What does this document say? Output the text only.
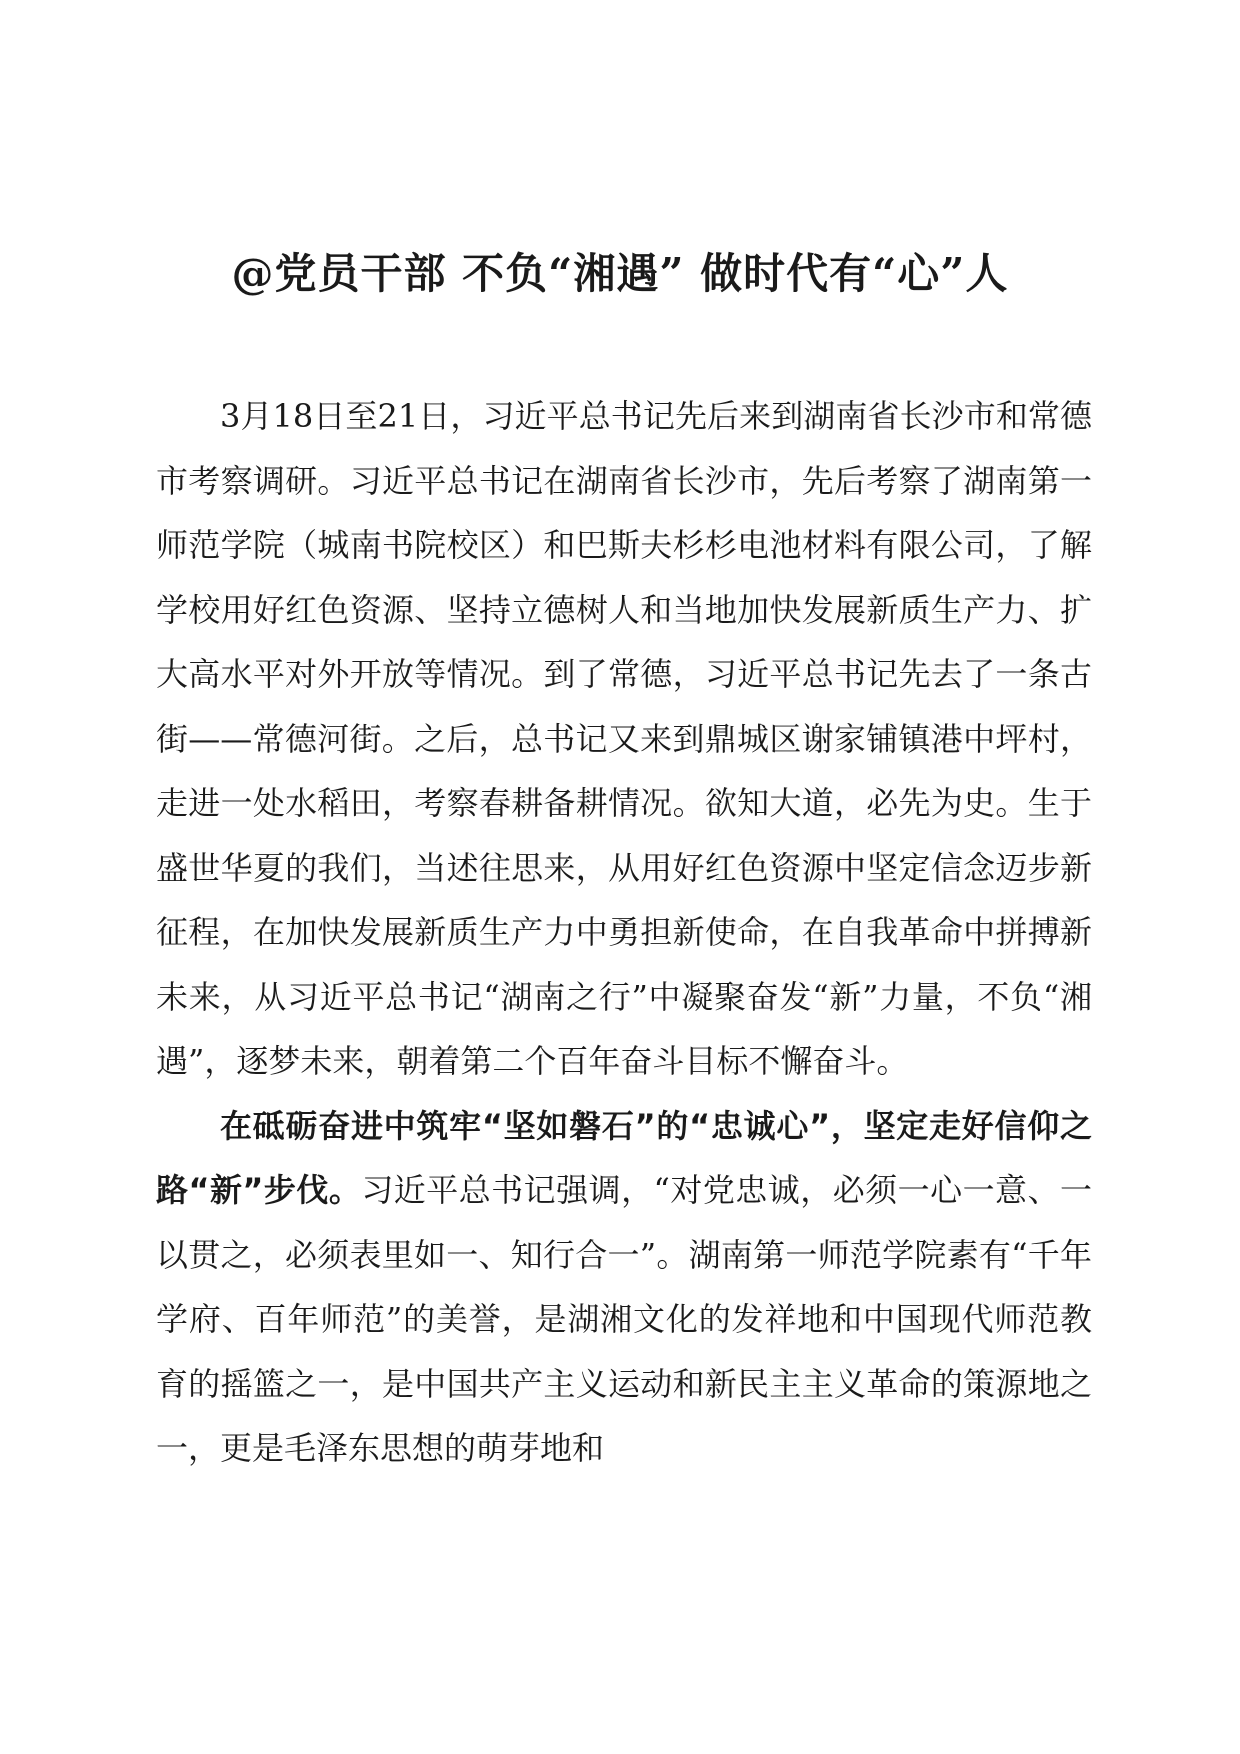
@党员干部 不负“湘遇” 做时代有“心”人

3月18日至21日，习近平总书记先后来到湖南省长沙市和常德市考察调研。习近平总书记在湖南省长沙市，先后考察了湖南第一师范学院（城南书院校区）和巴斯夫杉杉电池材料有限公司，了解学校用好红色资源、坚持立德树人和当地加快发展新质生产力、扩大高水平对外开放等情况。到了常德，习近平总书记先去了一条古街——常德河街。之后，总书记又来到鼎城区谢家铺镇港中坪村，走进一处水稻田，考察春耕备耕情况。欲知大道，必先为史。生于盛世华夏的我们，当述往思来，从用好红色资源中坚定信念迈步新征程，在加快发展新质生产力中勇担新使命，在自我革命中拼搏新未来，从习近平总书记“湖南之行”中凝聚奋发“新”力量，不负“湘遇”，逐梦未来，朝着第二个百年奋斗目标不懈奋斗。

在砥砺奋进中筑牢“坚如磐石”的“忠诚心”，坚定走好信仰之路“新”步伐。习近平总书记强调，“对党忠诚，必须一心一意、一以贯之，必须表里如一、知行合一”。湖南第一师范学院素有“千年学府、百年师范”的美誉，是湖湘文化的发祥地和中国现代师范教育的摇篮之一，是中国共产主义运动和新民主主义革命的策源地之一，更是毛泽东思想的萌芽地和
